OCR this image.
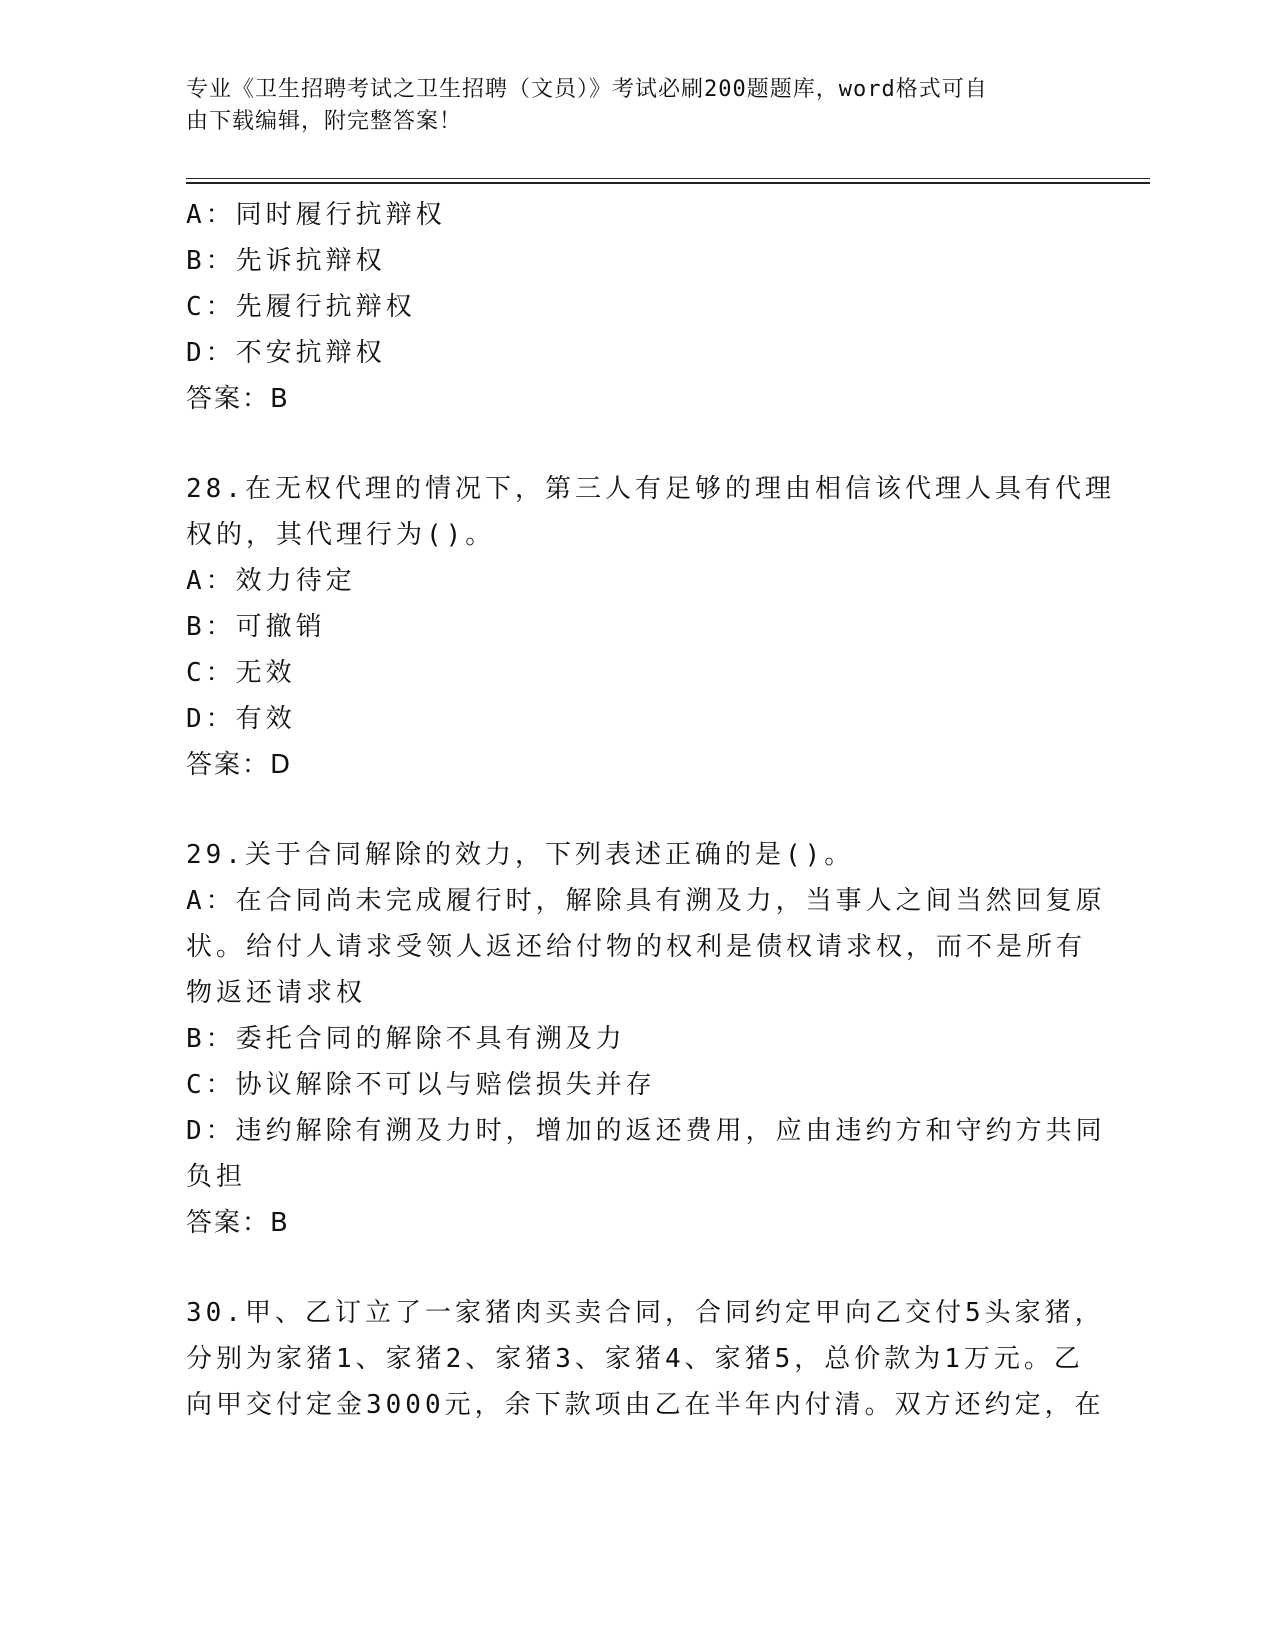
专业《卫生招聘考试之卫生招聘（文员）》考试必刷200题题库，word格式可自
由下载编辑，附完整答案！
A：同时履行抗辩权
B：先诉抗辩权
C：先履行抗辩权
D：不安抗辩权
答案：B
28.在无权代理的情况下，第三人有足够的理由相信该代理人具有代理
权的，其代理行为()。
A：效力待定
B：可撤销
C：无效
D：有效
答案：D
29.关于合同解除的效力，下列表述正确的是()。
A：在合同尚未完成履行时，解除具有溯及力，当事人之间当然回复原
状。给付人请求受领人返还给付物的权利是债权请求权，而不是所有
物返还请求权
B：委托合同的解除不具有溯及力
C：协议解除不可以与赔偿损失并存
D：违约解除有溯及力时，增加的返还费用，应由违约方和守约方共同
负担
答案：B
30.甲、乙订立了一家猪肉买卖合同，合同约定甲向乙交付5头家猪，
分别为家猪1、家猪2、家猪3、家猪4、家猪5，总价款为1万元。乙
向甲交付定金3000元，余下款项由乙在半年内付清。双方还约定，在
